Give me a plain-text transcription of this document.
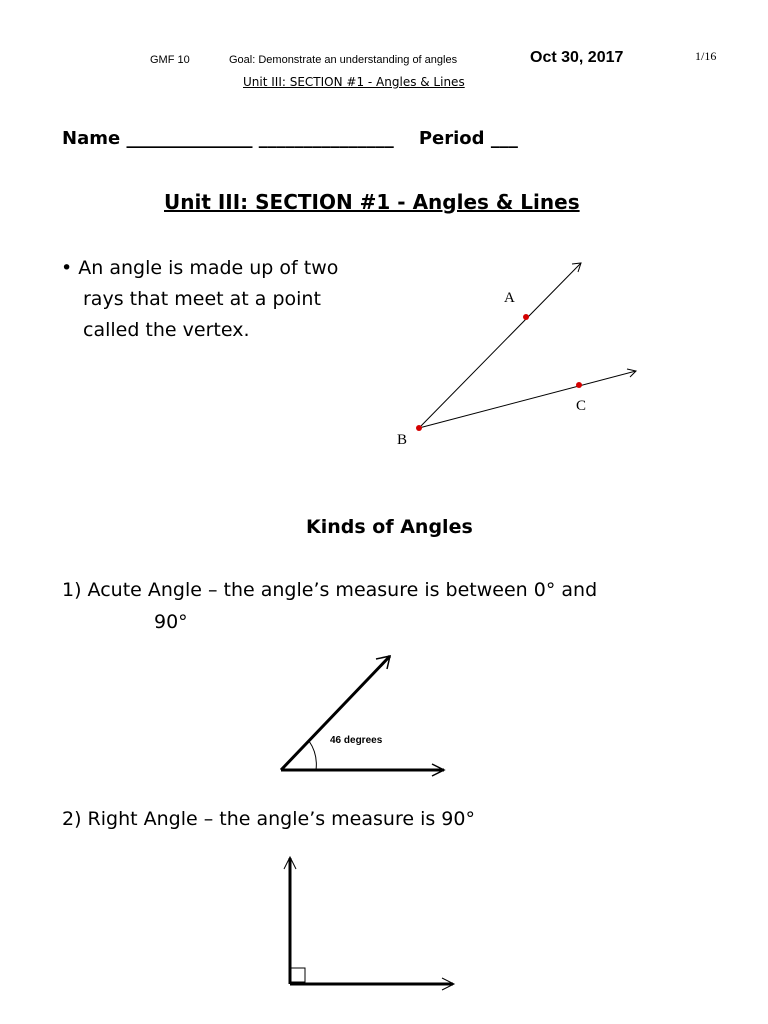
GMF 10	Goal: Demonstrate an understanding of angles	Oct 30, 2017	1/16
Unit III: SECTION #1 - Angles & Lines
Name ______________ _______________ Period ___
Unit III: SECTION #1 - Angles & Lines
• An angle is made up of two
rays that meet at a point
called the vertex.
A
C
B
Kinds of Angles
1) Acute Angle – the angle’s measure is between 0° and
90°
46 degrees
2) Right Angle – the angle’s measure is 90°
